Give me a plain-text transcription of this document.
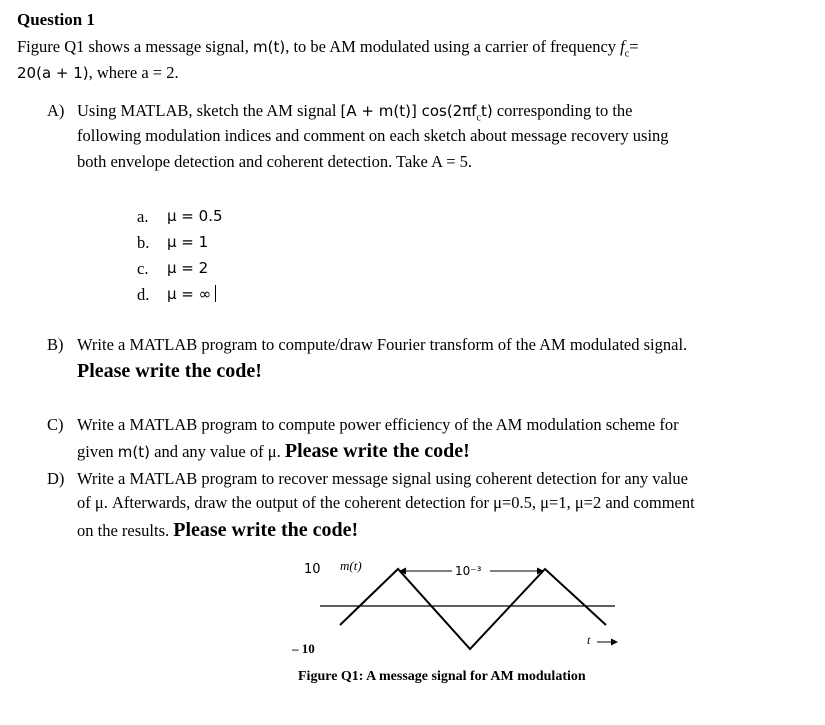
Question 1
Figure Q1 shows a message signal, m(t), to be AM modulated using a carrier of frequency $f_c=$
20(a + 1), where a = 2.
A) Using MATLAB, sketch the AM signal [A + m(t)] $\cos(2\pi f_ct)$ corresponding to the
following modulation indices and comment on each sketch about message recovery using
both envelope detection and coherent detection. Take A = 5.
a. μ = 0.5
b. μ = 1
c. μ = 2
d. μ = ∞
B) Write a MATLAB program to compute/draw Fourier transform of the AM modulated signal.
Please write the code!
C) Write a MATLAB program to compute power efficiency of the AM modulation scheme for
given m(t) and any value of μ. Please write the code!
D) Write a MATLAB program to recover message signal using coherent detection for any value
of μ. Afterwards, draw the output of the coherent detection for μ=0.5, μ=1, μ=2 and comment
on the results. Please write the code!
10 m(t)	10⁻³
t
– 10
Figure Q1: A message signal for AM modulation
